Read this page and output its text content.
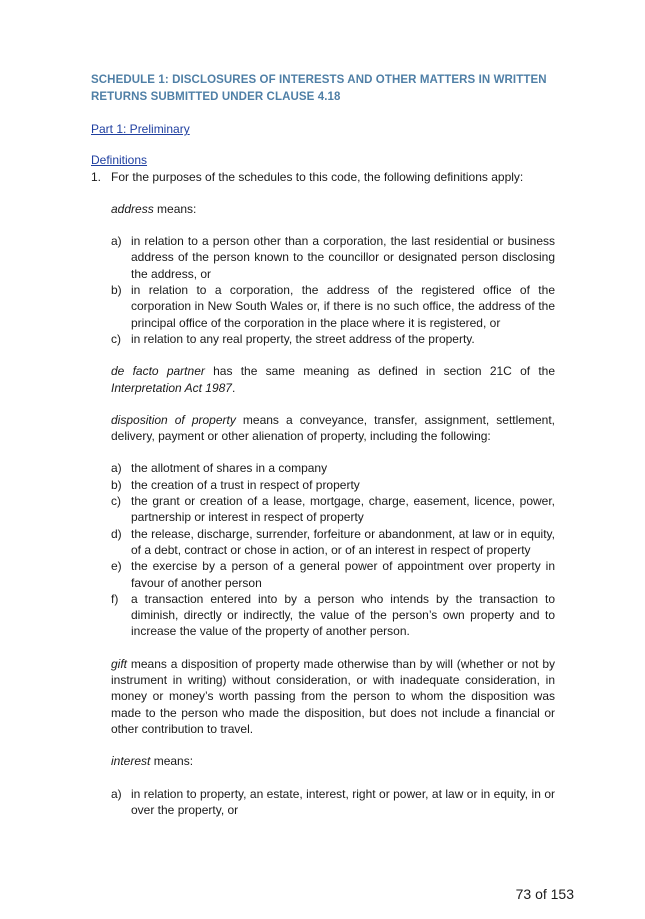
SCHEDULE 1: DISCLOSURES OF INTERESTS AND OTHER MATTERS IN WRITTEN RETURNS SUBMITTED UNDER CLAUSE 4.18
Part 1: Preliminary
Definitions
1. For the purposes of the schedules to this code, the following definitions apply:
address means:
a) in relation to a person other than a corporation, the last residential or business address of the person known to the councillor or designated person disclosing the address, or
b) in relation to a corporation, the address of the registered office of the corporation in New South Wales or, if there is no such office, the address of the principal office of the corporation in the place where it is registered, or
c) in relation to any real property, the street address of the property.
de facto partner has the same meaning as defined in section 21C of the Interpretation Act 1987.
disposition of property means a conveyance, transfer, assignment, settlement, delivery, payment or other alienation of property, including the following:
a) the allotment of shares in a company
b) the creation of a trust in respect of property
c) the grant or creation of a lease, mortgage, charge, easement, licence, power, partnership or interest in respect of property
d) the release, discharge, surrender, forfeiture or abandonment, at law or in equity, of a debt, contract or chose in action, or of an interest in respect of property
e) the exercise by a person of a general power of appointment over property in favour of another person
f)	a transaction entered into by a person who intends by the transaction to diminish, directly or indirectly, the value of the person’s own property and to increase the value of the property of another person.
gift means a disposition of property made otherwise than by will (whether or not by instrument in writing) without consideration, or with inadequate consideration, in money or money’s worth passing from the person to whom the disposition was made to the person who made the disposition, but does not include a financial or other contribution to travel.
interest means:
a) in relation to property, an estate, interest, right or power, at law or in equity, in or over the property, or
73 of 153
